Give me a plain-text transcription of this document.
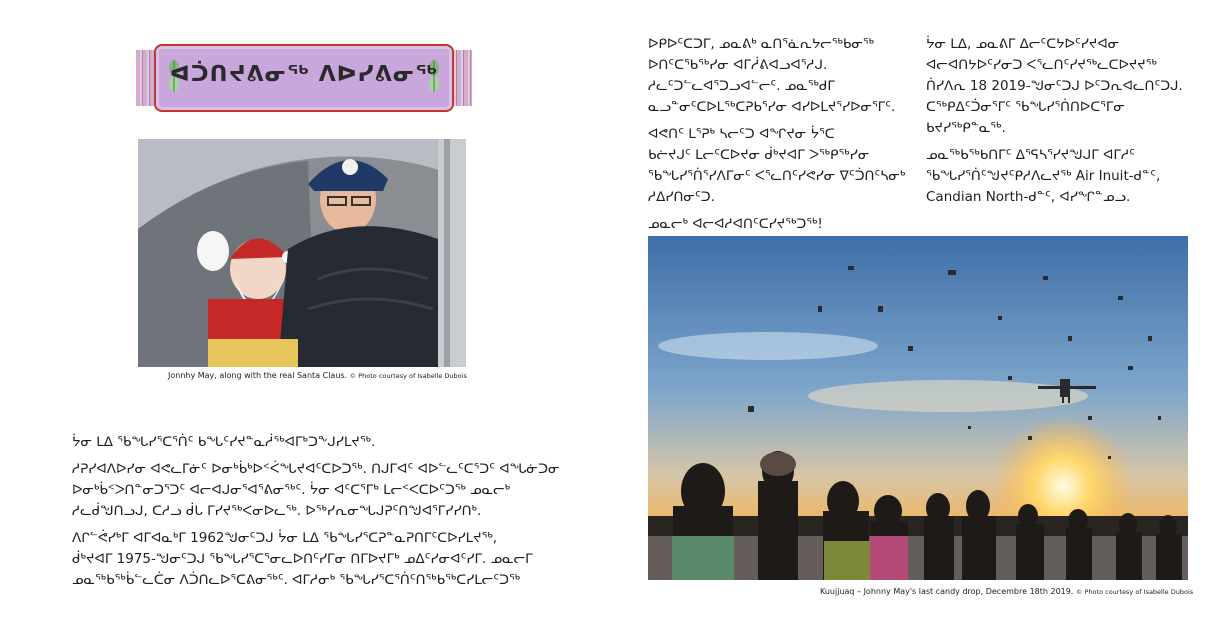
ᐊᑑᑎᔪᕕᓂᖅ ᐱᐅᓯᕕᓂᖅ
Jonnhy May, along with the real Santa Claus. © Photo courtesy of Isabelle Dubois
ᔮᓂ ᒪᐃ ᖃᖓᓯᕐᑕᕐᑏᑦ ᑲᖓᑦᓯᔪᓐᓇᓲᖅᐊᒥᒃᑐᖕᒍᓯᒪᔪᖅ.
ᓱᕈᓯᐊᐱᐅᓯᓂ ᐊᕙᓚᒥᓃᑦ ᐅᓂᒃᑳᒃᐅᑉᐹᖓᔪᐊᑦᑕᐅᑐᖅ. ᑎᒍᒥᐊᑦ ᐊᐅᓪᓚᑦᑕᕐᑐᑦ ᐊᖓᓃᑐᓂ
ᐅᓂᒃᑳᑉᐳᑎᓐᓂᑐᕐᑐᑦ ᐊᓕᐊᒍᓂᕐᐊᕐᕕᓂᖅᑦ. ᔮᓂ ᐊᑦᑕᕐᒥᒃ ᒪᓕᑉᐸᑕᐅᑦᑐᖅ ᓄᓇᓕᒃ
ᓱᓚᑰᖑᑎᓗᒍ, ᑕᓱᓗ ᑰᒐ ᒥᓯᔪᖅᐸᓂᐅᓚᖅ. ᐅᖅᓯᕆᓂᖓᒍᕈᑦᑎᖑᐊᕐᒥᓯᓯᑎᒃ.
ᐱᒋᓪᕚᓯᒃᒥ ᐊᒥᐊᓇᒃᒥ 1962ᖑᓂᑦᑐᒍ ᔮᓂ ᒪᐃ ᖃᖓᓯᕐᑕᕈᓐᓇᕈᑎᒥᑦᑕᐅᓯᒪᔪᖅ,
ᑰᒃᔪᐊᒥ 1975-ᖑᓂᑦᑐᒍ ᖃᖓᓯᕐᑕᕐᓂᓚᐅᑎᑦᓯᒥᓂ ᑎᒥᐅᔪᒥᒃ ᓄᐃᑦᓯᓂᐊᑦᓯᒥ. ᓄᓇᓕᒥ
ᓄᓇᖅᑲᖅᑳᓪᓚᑖᓂ ᐱᑑᑎᓚᐅᕐᑕᕕᓂᖅᑦ. ᐊᒥᓱᓂᒃ ᖃᖓᓯᕐᑕᕐᑏᑦᑎᖅᑲᖅᑕᓯᒪᓕᑦᑐᖅ
ᐅᑭᐅᑦᑕᑐᒥ, ᓄᓇᕕᒃ ᓇᑎᕐᓈᕆᔭᓕᖅᑲᓂᖅ
ᐅᑎᑦᑕᕐᑲᖅᓯᓂ ᐊᒥᓲᕕᐊᓗᐊᕐᓱᒍ.
ᓱᓚᑦᑐᓪᓚᐊᕐᑐᓗᐊᓪᓕᑦ. ᓄᓇᖅᑯᒥ
ᓇᓗᓐᓂᑦᑕᐅᒪᖅᑕᕈᑲᕐᓯᓂ ᐊᓯᐅᒪᔪᕐᓯᐅᓂᕐᒥᑦ.
ᐊᕙᑎᑦ ᒪᕐᕈᒃ ᓴᓕᑦᑐ ᐊᖏᔪᓂ ᔮᕐᑕ
ᑲᓖᔪᒍᑦ ᒪᓕᑦᑕᐅᔪᓂ ᑰᒃᔪᐊᒥ ᐳᖅᑭᖅᓯᓂ
ᖃᖓᓯᕐᑏᕐᓯᐱᒥᓂᑦ ᐸᕐᓚᑎᑦᓯᕙᓯᓂ ᐁᑦᑑᑎᑦᓴᓂᒃ
ᓱᐃᓯᑎᓂᑦᑐ.
ᓄᓇᓕᒃ ᐊᓕᐊᓱᐊᑎᑦᑕᓯᔪᖅᑐᖅ!
ᔮᓂ ᒪᐃ, ᓄᓇᕕᒥ ᐃᓕᑦᑕᔭᐅᑦᓯᔪᐊᓂ
ᐊᓕᐊᑎᔭᐅᑦᓯᓂᑐ ᐸᕐᓚᑎᑦᓯᔪᖅᓚᑕᐅᔪᔪᖅ
ᑏᓯᐱᕆ 18 2019-ᖑᓂᑦᑐᒍ ᐅᑦᑐᕆᐊᓚᑎᑦᑐᒍ.
ᑕᖅᑭᐃᑦᑑᓂᕐᒥᑦ ᖃᖓᓯᕐᑏᑎᐅᑕᕐᒥᓂ
ᑲᔪᓯᖅᑭᓐᓇᖅ.
ᓄᓇᖅᑲᖅᑲᑎᒥᑦ ᐃᕐᕋᓴᕐᓯᔪᖑᒍᒥ ᐊᒥᓱᑦ
ᖃᖓᓯᕐᑏᑦᖑᔪᑦᑭᓱᐱᓚᔪᖅ Air Inuit-ᑯᓐᑦ,
Candian North-ᑯᓐᑦ, ᐊᓯᖏᓐᓄᓗ.
Kuujjuaq – Johnny May's last candy drop, Decembre 18th 2019. © Photo courtesy of Isabelle Dubois
